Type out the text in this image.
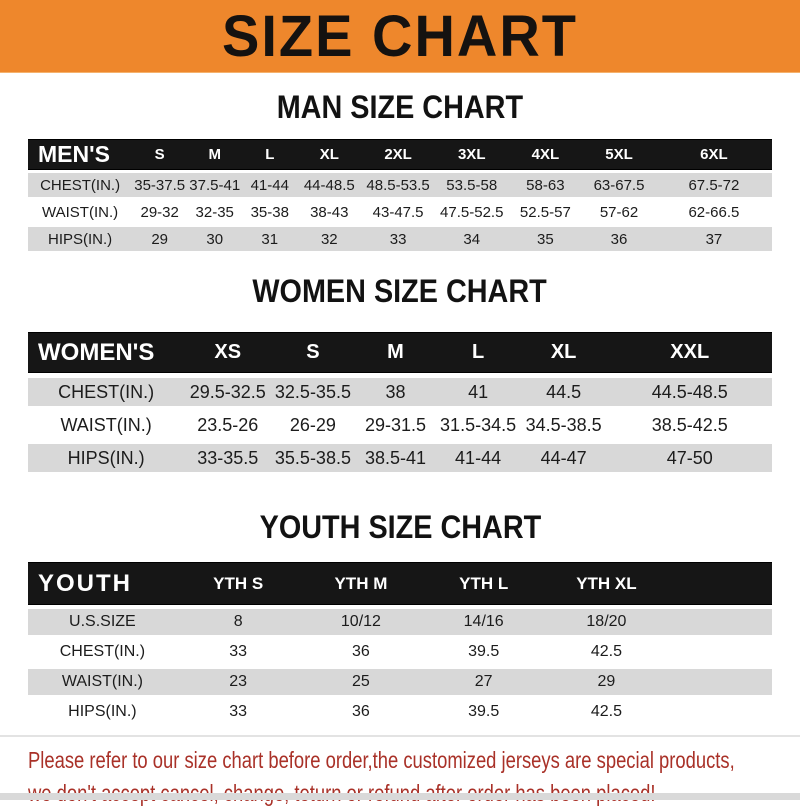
SIZE CHART
MAN SIZE CHART
MEN'S	S	M	L	XL	2XL	3XL	4XL	5XL	6XL
CHEST(IN.)	35-37.5	37.5-41	41-44	44-48.5	48.5-53.5	53.5-58	58-63	63-67.5	67.5-72
WAIST(IN.)	29-32	32-35	35-38	38-43	43-47.5	47.5-52.5	52.5-57	57-62	62-66.5
HIPS(IN.)	29	30	31	32	33	34	35	36	37
WOMEN SIZE CHART
WOMEN'S	XS	S	M	L	XL	XXL
CHEST(IN.)	29.5-32.5	32.5-35.5	38	41	44.5	44.5-48.5
WAIST(IN.)	23.5-26	26-29	29-31.5	31.5-34.5	34.5-38.5	38.5-42.5
HIPS(IN.)	33-35.5	35.5-38.5	38.5-41	41-44	44-47	47-50
YOUTH SIZE CHART
YOUTH	YTH S	YTH M	YTH L	YTH XL	
U.S.SIZE	8	10/12	14/16	18/20	
CHEST(IN.)	33	36	39.5	42.5	
WAIST(IN.)	23	25	27	29	
HIPS(IN.)	33	36	39.5	42.5	

Please refer to our size chart before order,the customized jerseys are special products,
